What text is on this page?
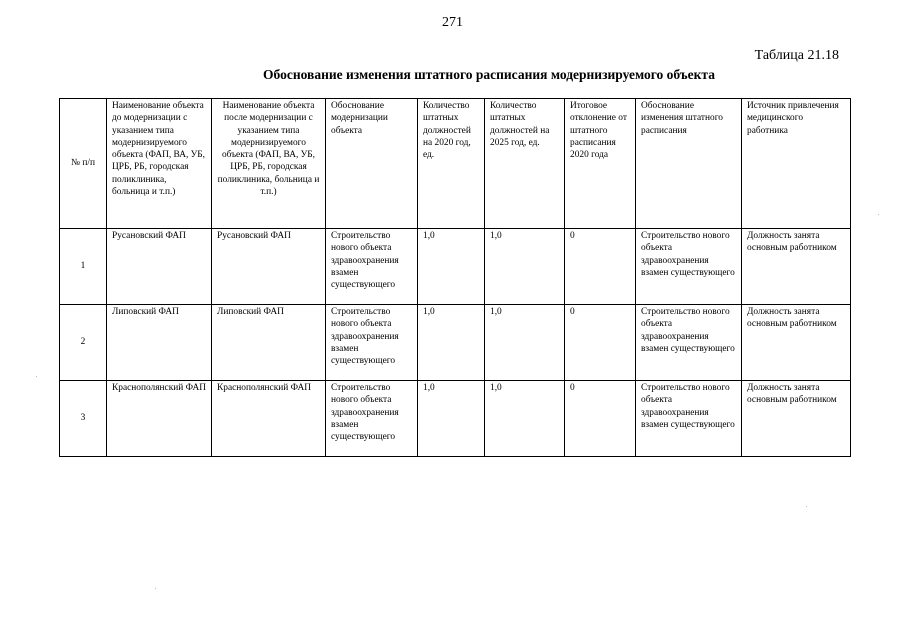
271
Таблица 21.18
Обоснование изменения штатного расписания модернизируемого объекта
№ п/п	Наименование объекта до модернизации с указанием типа модернизируемого объекта (ФАП, ВА, УБ, ЦРБ, РБ, городская поликлиника, больница и т.п.)	Наименование объекта после модернизации с указанием типа модернизируемого объекта (ФАП, ВА, УБ, ЦРБ, РБ, городская поликлиника, больница и т.п.)	Обоснование модернизации объекта	Количество штатных должностей на 2020 год, ед.	Количество штатных должностей на 2025 год, ед.	Итоговое отклонение от штатного расписания 2020 года	Обоснование изменения штатного расписания	Источник привлечения медицинского работника
1	Русановский ФАП	Русановский ФАП	Строительство нового объекта здравоохранения взамен существующего	1,0	1,0	0	Строительство нового объекта здравоохранения взамен существующего	Должность занята основным работником
2	Липовский ФАП	Липовский ФАП	Строительство нового объекта здравоохранения взамен существующего	1,0	1,0	0	Строительство нового объекта здравоохранения взамен существующего	Должность занята основным работником
3	Краснополянский ФАП	Краснополянский ФАП	Строительство нового объекта здравоохранения взамен существующего	1,0	1,0	0	Строительство нового объекта здравоохранения взамен существующего	Должность занята основным работником
